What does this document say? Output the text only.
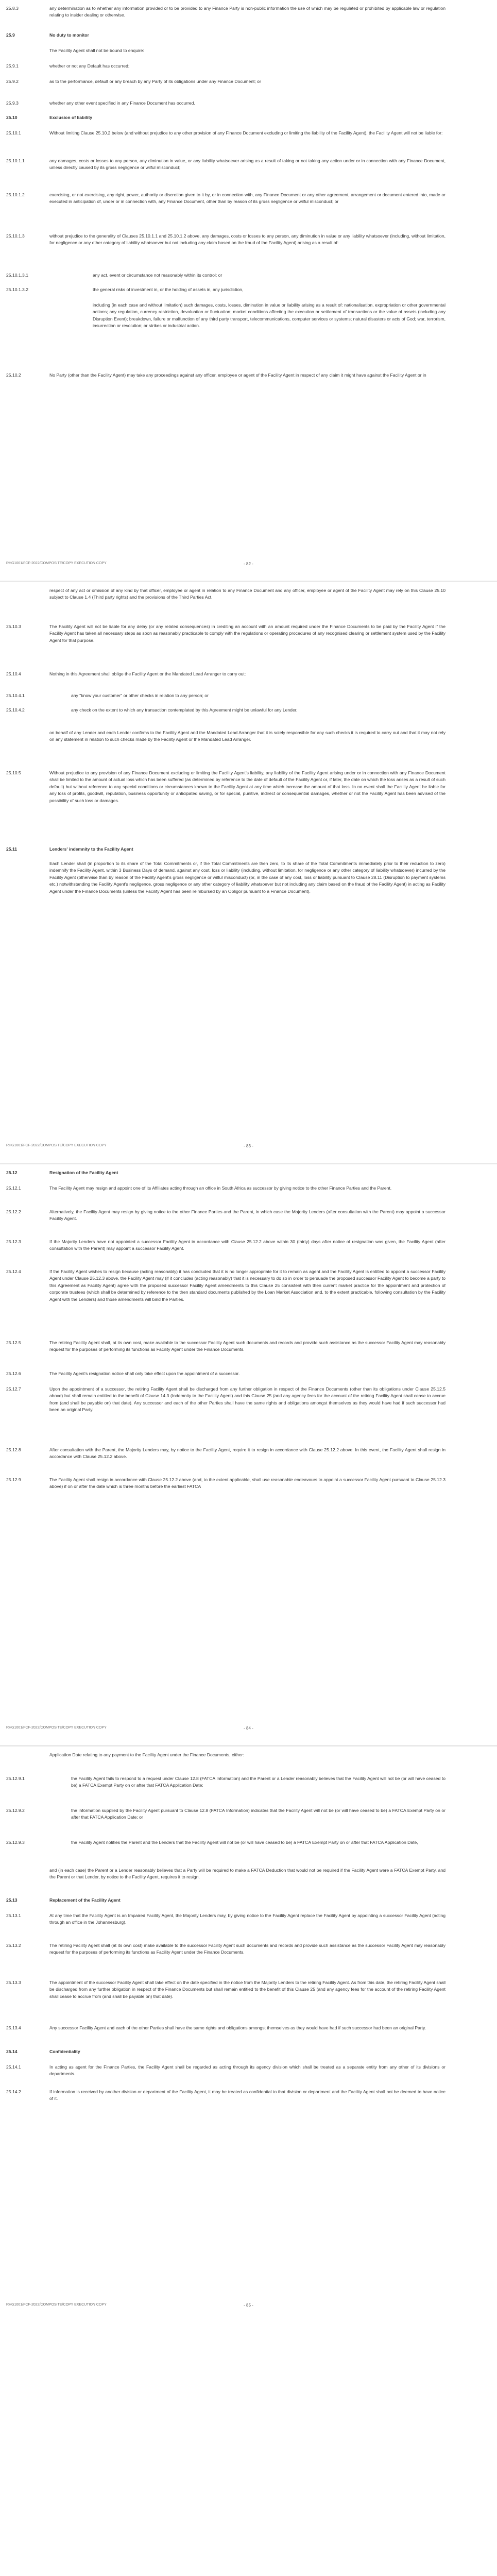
25.8.3	any determination as to whether any information provided or to be provided to any Finance Party is non-public information the use of which may be regulated or prohibited by applicable law or regulation relating to insider dealing or otherwise.
25.9	No duty to monitor
The Facility Agent shall not be bound to enquire:
25.9.1	whether or not any Default has occurred;
25.9.2	as to the performance, default or any breach by any Party of its obligations under any Finance Document; or
25.9.3	whether any other event specified in any Finance Document has occurred.
25.10	Exclusion of liability
25.10.1	Without limiting Clause 25.10.2 below (and without prejudice to any other provision of any Finance Document excluding or limiting the liability of the Facility Agent), the Facility Agent will not be liable for:
25.10.1.1	any damages, costs or losses to any person, any diminution in value, or any liability whatsoever arising as a result of taking or not taking any action under or in connection with any Finance Document, unless directly caused by its gross negligence or wilful misconduct;
25.10.1.2	exercising, or not exercising, any right, power, authority or discretion given to it by, or in connection with, any Finance Document or any other agreement, arrangement or document entered into, made or executed in anticipation of, under or in connection with, any Finance Document, other than by reason of its gross negligence or wilful misconduct; or
25.10.1.3	without prejudice to the generality of Clauses 25.10.1.1 and 25.10.1.2 above, any damages, costs or losses to any person, any diminution in value or any liability whatsoever (including, without limitation, for negligence or any other category of liability whatsoever but not including any claim based on the fraud of the Facility Agent) arising as a result of:
25.10.1.3.1	any act, event or circumstance not reasonably within its control; or
25.10.1.3.2	the general risks of investment in, or the holding of assets in, any jurisdiction,
including (in each case and without limitation) such damages, costs, losses, diminution in value or liability arising as a result of: nationalisation, expropriation or other governmental actions; any regulation, currency restriction, devaluation or fluctuation; market conditions affecting the execution or settlement of transactions or the value of assets (including any Disruption Event); breakdown, failure or malfunction of any third party transport, telecommunications, computer services or systems; natural disasters or acts of God; war, terrorism, insurrection or revolution; or strikes or industrial action.
25.10.2	No Party (other than the Facility Agent) may take any proceedings against any officer, employee or agent of the Facility Agent in respect of any claim it might have against the Facility Agent or in
RHG1001/FCF-2022/COMPOSITE/COPY EXECUTION COPY	- 82 -
respect of any act or omission of any kind by that officer, employee or agent in relation to any Finance Document and any officer, employee or agent of the Facility Agent may rely on this Clause 25.10 subject to Clause 1.4 (Third party rights) and the provisions of the Third Parties Act.
25.10.3	The Facility Agent will not be liable for any delay (or any related consequences) in crediting an account with an amount required under the Finance Documents to be paid by the Facility Agent if the Facility Agent has taken all necessary steps as soon as reasonably practicable to comply with the regulations or operating procedures of any recognised clearing or settlement system used by the Facility Agent for that purpose.
25.10.4	Nothing in this Agreement shall oblige the Facility Agent or the Mandated Lead Arranger to carry out:
25.10.4.1	any "know your customer" or other checks in relation to any person; or
25.10.4.2	any check on the extent to which any transaction contemplated by this Agreement might be unlawful for any Lender,
on behalf of any Lender and each Lender confirms to the Facility Agent and the Mandated Lead Arranger that it is solely responsible for any such checks it is required to carry out and that it may not rely on any statement in relation to such checks made by the Facility Agent or the Mandated Lead Arranger.
25.10.5	Without prejudice to any provision of any Finance Document excluding or limiting the Facility Agent's liability, any liability of the Facility Agent arising under or in connection with any Finance Document shall be limited to the amount of actual loss which has been suffered (as determined by reference to the date of default of the Facility Agent or, if later, the date on which the loss arises as a result of such default) but without reference to any special conditions or circumstances known to the Facility Agent at any time which increase the amount of that loss. In no event shall the Facility Agent be liable for any loss of profits, goodwill, reputation, business opportunity or anticipated saving, or for special, punitive, indirect or consequential damages, whether or not the Facility Agent has been advised of the possibility of such loss or damages.
25.11	Lenders' indemnity to the Facility Agent
Each Lender shall (in proportion to its share of the Total Commitments or, if the Total Commitments are then zero, to its share of the Total Commitments immediately prior to their reduction to zero) indemnify the Facility Agent, within 3 Business Days of demand, against any cost, loss or liability (including, without limitation, for negligence or any other category of liability whatsoever) incurred by the Facility Agent (otherwise than by reason of the Facility Agent's gross negligence or wilful misconduct) (or, in the case of any cost, loss or liability pursuant to Clause 28.11 (Disruption to payment systems etc.) notwithstanding the Facility Agent's negligence, gross negligence or any other category of liability whatsoever but not including any claim based on the fraud of the Facility Agent) in acting as Facility Agent under the Finance Documents (unless the Facility Agent has been reimbursed by an Obligor pursuant to a Finance Document).
RHG1001/FCF-2022/COMPOSITE/COPY EXECUTION COPY	- 83 -
25.12	Resignation of the Facility Agent
25.12.1	The Facility Agent may resign and appoint one of its Affiliates acting through an office in South Africa as successor by giving notice to the other Finance Parties and the Parent.
25.12.2	Alternatively, the Facility Agent may resign by giving notice to the other Finance Parties and the Parent, in which case the Majority Lenders (after consultation with the Parent) may appoint a successor Facility Agent.
25.12.3	If the Majority Lenders have not appointed a successor Facility Agent in accordance with Clause 25.12.2 above within 30 (thirty) days after notice of resignation was given, the Facility Agent (after consultation with the Parent) may appoint a successor Facility Agent.
25.12.4	If the Facility Agent wishes to resign because (acting reasonably) it has concluded that it is no longer appropriate for it to remain as agent and the Facility Agent is entitled to appoint a successor Facility Agent under Clause 25.12.3 above, the Facility Agent may (if it concludes (acting reasonably) that it is necessary to do so in order to persuade the proposed successor Facility Agent to become a party to this Agreement as Facility Agent) agree with the proposed successor Facility Agent amendments to this Clause 25 consistent with then current market practice for the appointment and protection of corporate trustees (which shall be determined by reference to the then standard documents published by the Loan Market Association and, to the extent practicable, following consultation by the Facility Agent with the Lenders) and those amendments will bind the Parties.
25.12.5	The retiring Facility Agent shall, at its own cost, make available to the successor Facility Agent such documents and records and provide such assistance as the successor Facility Agent may reasonably request for the purposes of performing its functions as Facility Agent under the Finance Documents.
25.12.6	The Facility Agent's resignation notice shall only take effect upon the appointment of a successor.
25.12.7	Upon the appointment of a successor, the retiring Facility Agent shall be discharged from any further obligation in respect of the Finance Documents (other than its obligations under Clause 25.12.5 above) but shall remain entitled to the benefit of Clause 14.3 (Indemnity to the Facility Agent) and this Clause 25 (and any agency fees for the account of the retiring Facility Agent shall cease to accrue from (and shall be payable on) that date). Any successor and each of the other Parties shall have the same rights and obligations amongst themselves as they would have had if such successor had been an original Party.
25.12.8	After consultation with the Parent, the Majority Lenders may, by notice to the Facility Agent, require it to resign in accordance with Clause 25.12.2 above. In this event, the Facility Agent shall resign in accordance with Clause 25.12.2 above.
25.12.9	The Facility Agent shall resign in accordance with Clause 25.12.2 above (and, to the extent applicable, shall use reasonable endeavours to appoint a successor Facility Agent pursuant to Clause 25.12.3 above) if on or after the date which is three months before the earliest FATCA
RHG1001/FCF-2022/COMPOSITE/COPY EXECUTION COPY	- 84 -
Application Date relating to any payment to the Facility Agent under the Finance Documents, either:
25.12.9.1	the Facility Agent fails to respond to a request under Clause 12.8 (FATCA Information) and the Parent or a Lender reasonably believes that the Facility Agent will not be (or will have ceased to be) a FATCA Exempt Party on or after that FATCA Application Date;
25.12.9.2	the information supplied by the Facility Agent pursuant to Clause 12.8 (FATCA Information) indicates that the Facility Agent will not be (or will have ceased to be) a FATCA Exempt Party on or after that FATCA Application Date; or
25.12.9.3	the Facility Agent notifies the Parent and the Lenders that the Facility Agent will not be (or will have ceased to be) a FATCA Exempt Party on or after that FATCA Application Date,
and (in each case) the Parent or a Lender reasonably believes that a Party will be required to make a FATCA Deduction that would not be required if the Facility Agent were a FATCA Exempt Party, and the Parent or that Lender, by notice to the Facility Agent, requires it to resign.
25.13	Replacement of the Facility Agent
25.13.1	At any time that the Facility Agent is an Impaired Facility Agent, the Majority Lenders may, by giving notice to the Facility Agent replace the Facility Agent by appointing a successor Facility Agent (acting through an office in the Johannesburg).
25.13.2	The retiring Facility Agent shall (at its own cost) make available to the successor Facility Agent such documents and records and provide such assistance as the successor Facility Agent may reasonably request for the purposes of performing its functions as Facility Agent under the Finance Documents.
25.13.3	The appointment of the successor Facility Agent shall take effect on the date specified in the notice from the Majority Lenders to the retiring Facility Agent. As from this date, the retiring Facility Agent shall be discharged from any further obligation in respect of the Finance Documents but shall remain entitled to the benefit of this Clause 25 (and any agency fees for the account of the retiring Facility Agent shall cease to accrue from (and shall be payable on) that date).
25.13.4	Any successor Facility Agent and each of the other Parties shall have the same rights and obligations amongst themselves as they would have had if such successor had been an original Party.
25.14	Confidentiality
25.14.1	In acting as agent for the Finance Parties, the Facility Agent shall be regarded as acting through its agency division which shall be treated as a separate entity from any other of its divisions or departments.
25.14.2	If information is received by another division or department of the Facility Agent, it may be treated as confidential to that division or department and the Facility Agent shall not be deemed to have notice of it.
RHG1001/FCF-2022/COMPOSITE/COPY EXECUTION COPY	- 85 -
